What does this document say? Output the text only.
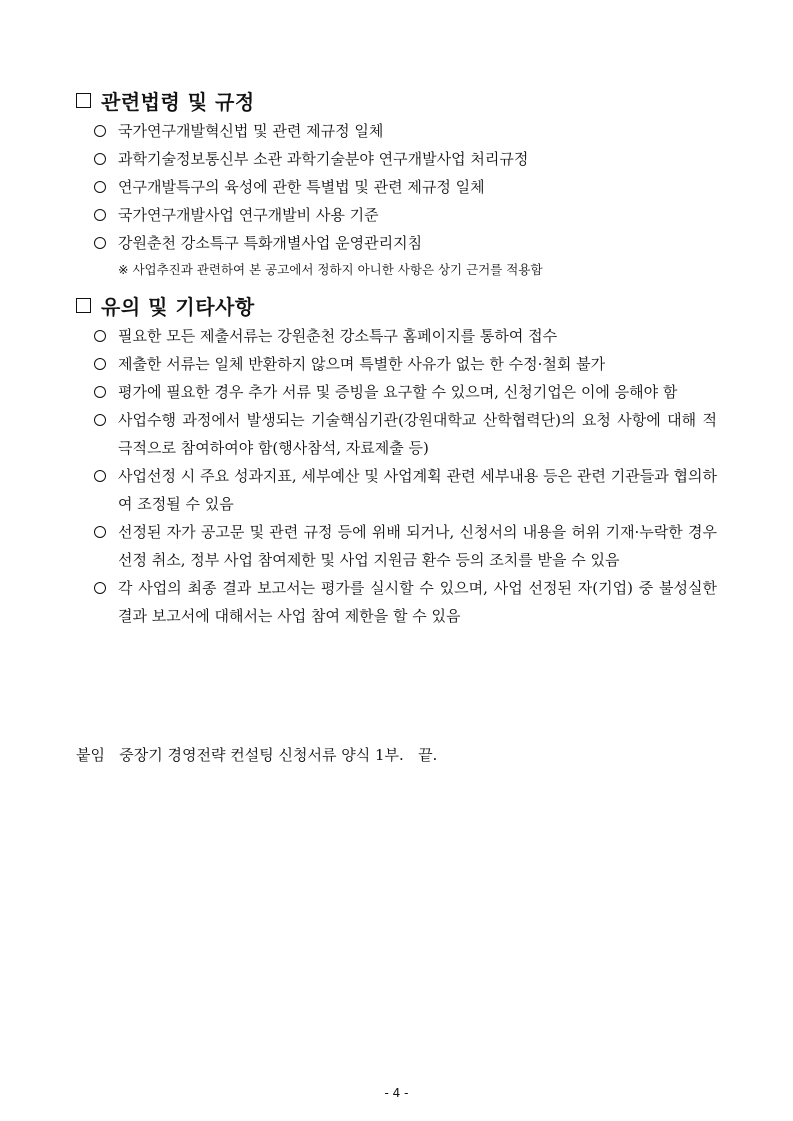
관련법령 및 규정
국가연구개발혁신법 및 관련 제규정 일체
과학기술정보통신부 소관 과학기술분야 연구개발사업 처리규정
연구개발특구의 육성에 관한 특별법 및 관련 제규정 일체
국가연구개발사업 연구개발비 사용 기준
강원춘천 강소특구 특화개별사업 운영관리지침
※ 사업추진과 관련하여 본 공고에서 정하지 아니한 사항은 상기 근거를 적용함
유의 및 기타사항
필요한 모든 제출서류는 강원춘천 강소특구 홈페이지를 통하여 접수
제출한 서류는 일체 반환하지 않으며 특별한 사유가 없는 한 수정·철회 불가
평가에 필요한 경우 추가 서류 및 증빙을 요구할 수 있으며, 신청기업은 이에 응해야 함
사업수행 과정에서 발생되는 기술핵심기관(강원대학교 산학협력단)의 요청 사항에 대해 적극적으로 참여하여야 함(행사참석, 자료제출 등)
사업선정 시 주요 성과지표, 세부예산 및 사업계획 관련 세부내용 등은 관련 기관들과 협의하여 조정될 수 있음
선정된 자가 공고문 및 관련 규정 등에 위배 되거나, 신청서의 내용을 허위 기재·누락한 경우 선정 취소, 정부 사업 참여제한 및 사업 지원금 환수 등의 조치를 받을 수 있음
각 사업의 최종 결과 보고서는 평가를 실시할 수 있으며, 사업 선정된 자(기업) 중 불성실한 결과 보고서에 대해서는 사업 참여 제한을 할 수 있음
붙임   중장기 경영전략 컨설팅 신청서류 양식 1부.   끝.
- 4 -
